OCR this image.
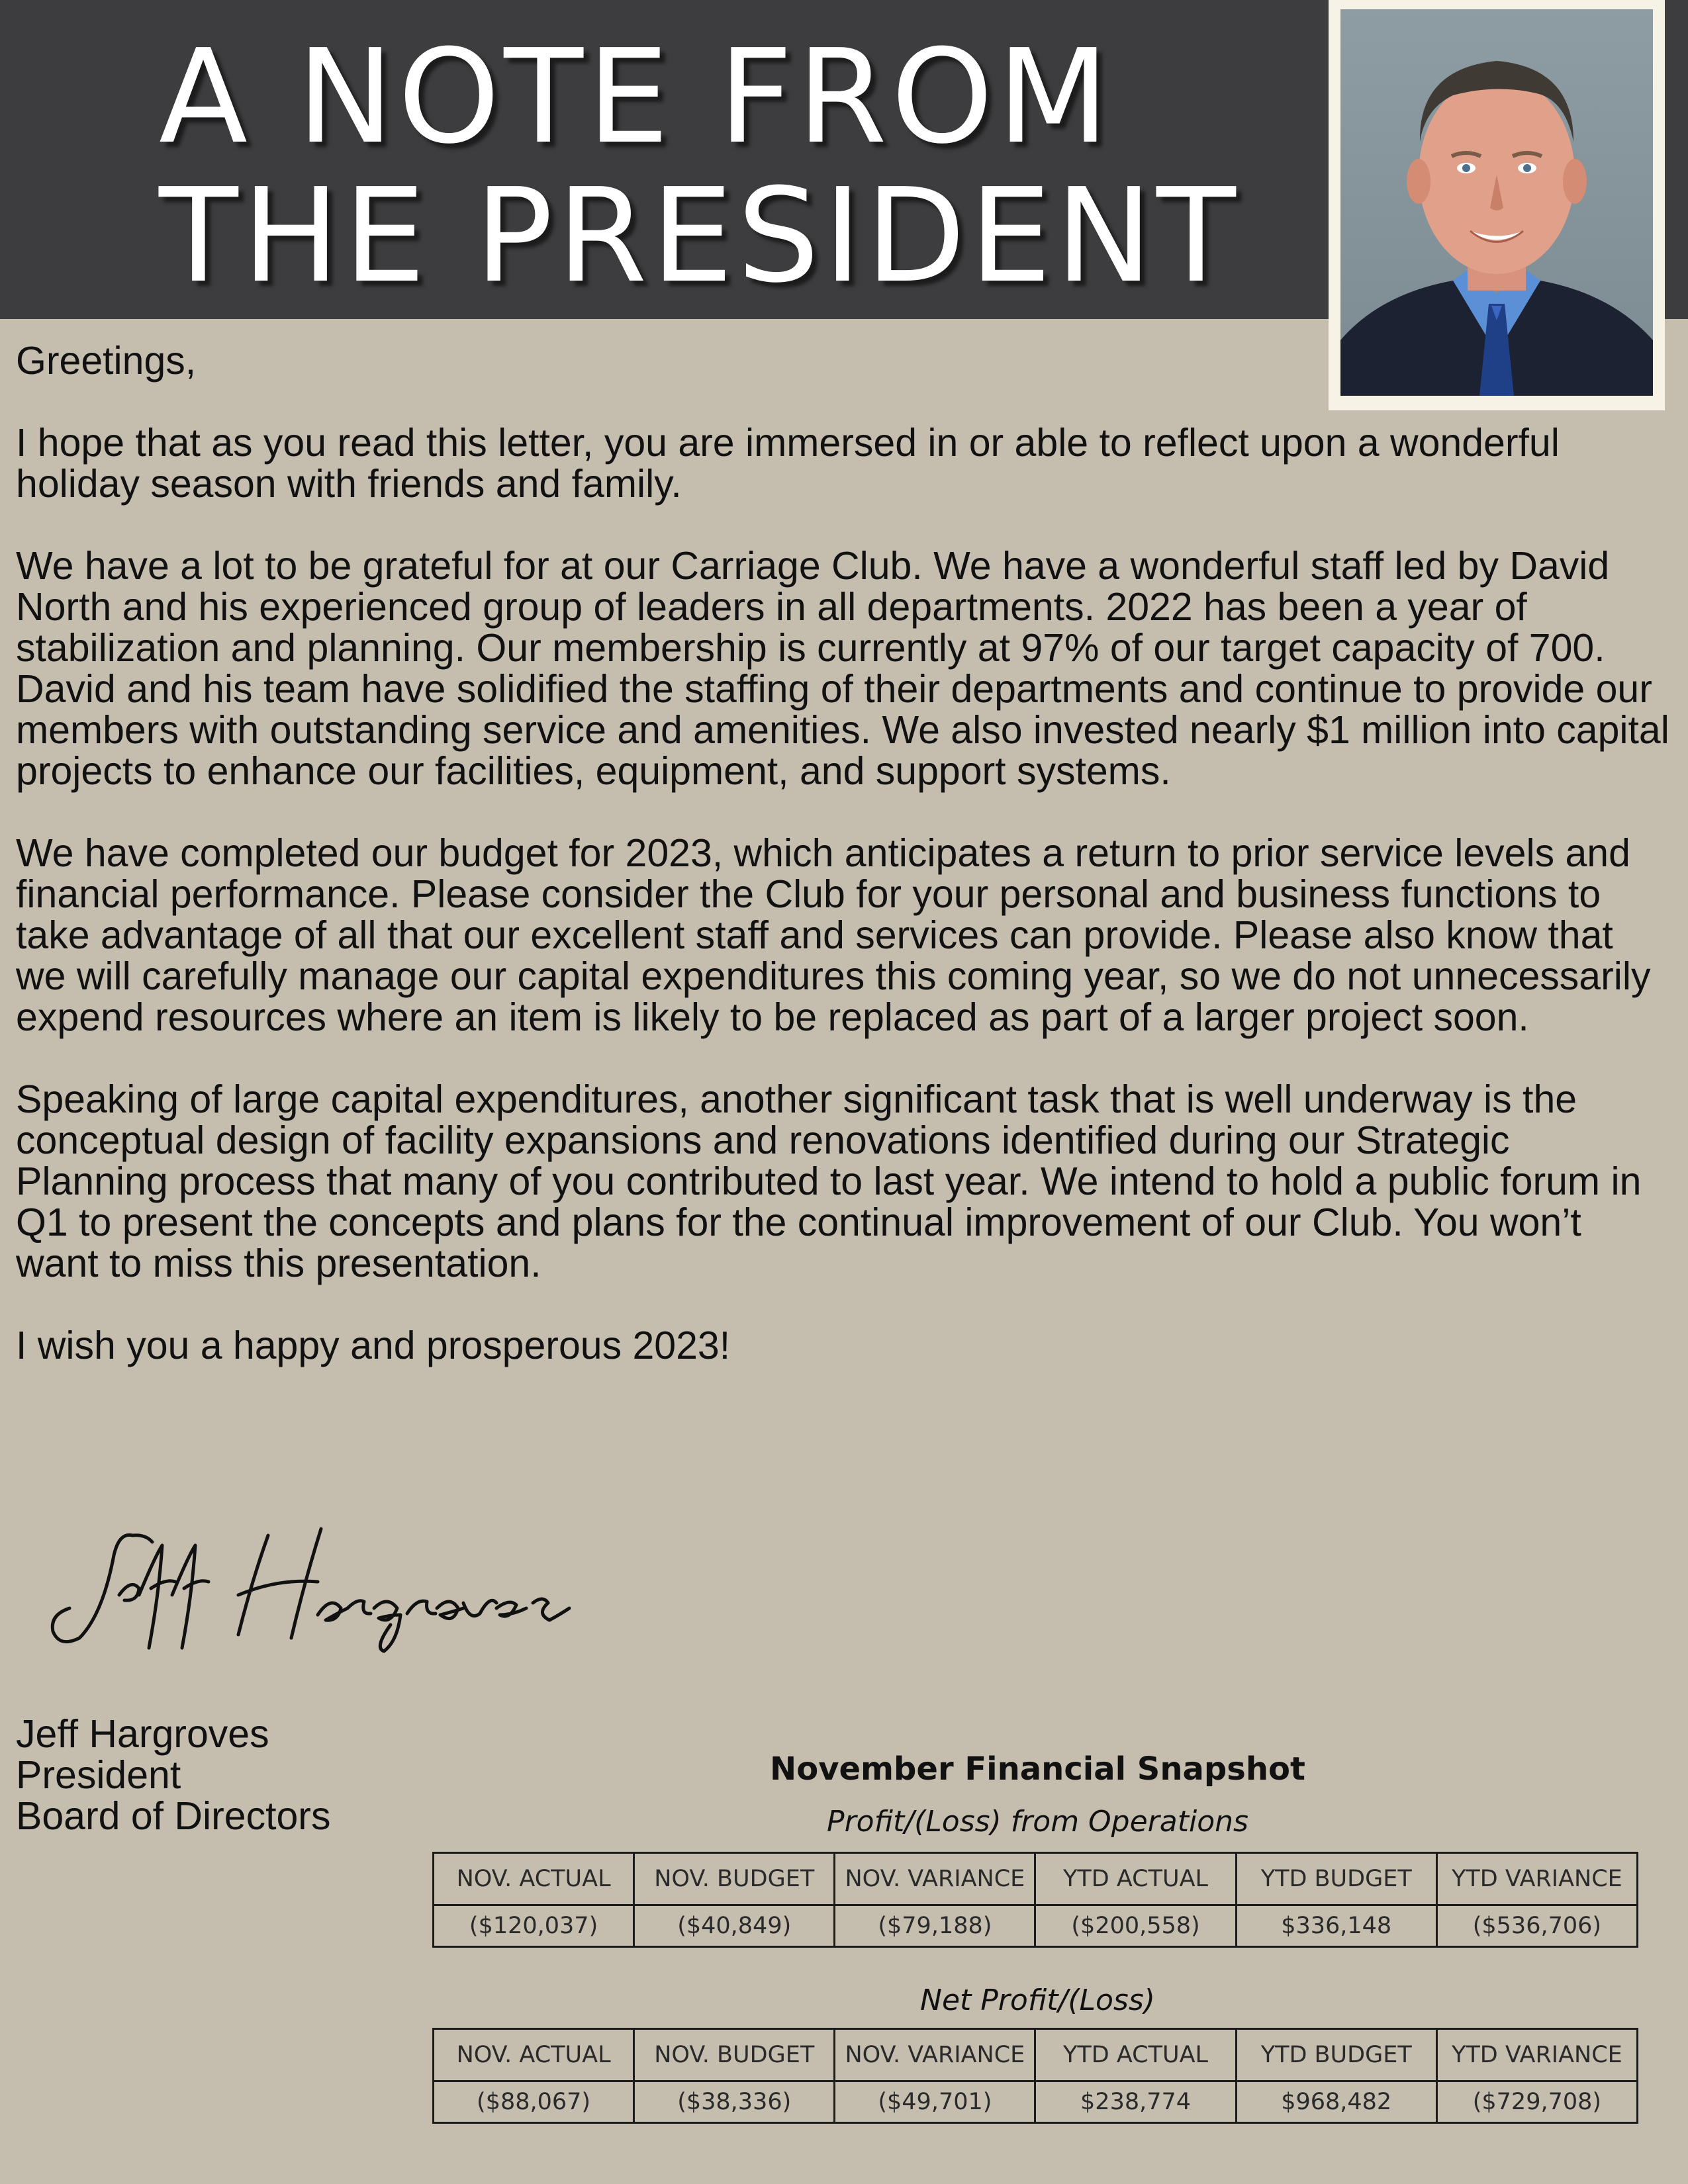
A NOTE FROM
THE PRESIDENT

Greetings,

I hope that as you read this letter, you are immersed in or able to reflect upon a wonderful holiday season with friends and family.

We have a lot to be grateful for at our Carriage Club. We have a wonderful staff led by David North and his experienced group of leaders in all departments. 2022 has been a year of stabilization and planning. Our membership is currently at 97% of our target capacity of 700. David and his team have solidified the staffing of their departments and continue to provide our members with outstanding service and amenities. We also invested nearly $1 million into capital projects to enhance our facilities, equipment, and support systems.

We have completed our budget for 2023, which anticipates a return to prior service levels and financial performance. Please consider the Club for your personal and business functions to take advantage of all that our excellent staff and services can provide. Please also know that we will carefully manage our capital expenditures this coming year, so we do not unnecessarily expend resources where an item is likely to be replaced as part of a larger project soon.

Speaking of large capital expenditures, another significant task that is well underway is the conceptual design of facility expansions and renovations identified during our Strategic Planning process that many of you contributed to last year. We intend to hold a public forum in Q1 to present the concepts and plans for the continual improvement of our Club. You won’t want to miss this presentation.

I wish you a happy and prosperous 2023!

Jeff Hargroves
President
Board of Directors
November Financial Snapshot
Profit/(Loss) from Operations
NOV. ACTUAL	NOV. BUDGET	NOV. VARIANCE	YTD ACTUAL	YTD BUDGET	YTD VARIANCE
($120,037)	($40,849)	($79,188)	($200,558)	$336,148	($536,706)
Net Profit/(Loss)
NOV. ACTUAL	NOV. BUDGET	NOV. VARIANCE	YTD ACTUAL	YTD BUDGET	YTD VARIANCE
($88,067)	($38,336)	($49,701)	$238,774	$968,482	($729,708)
